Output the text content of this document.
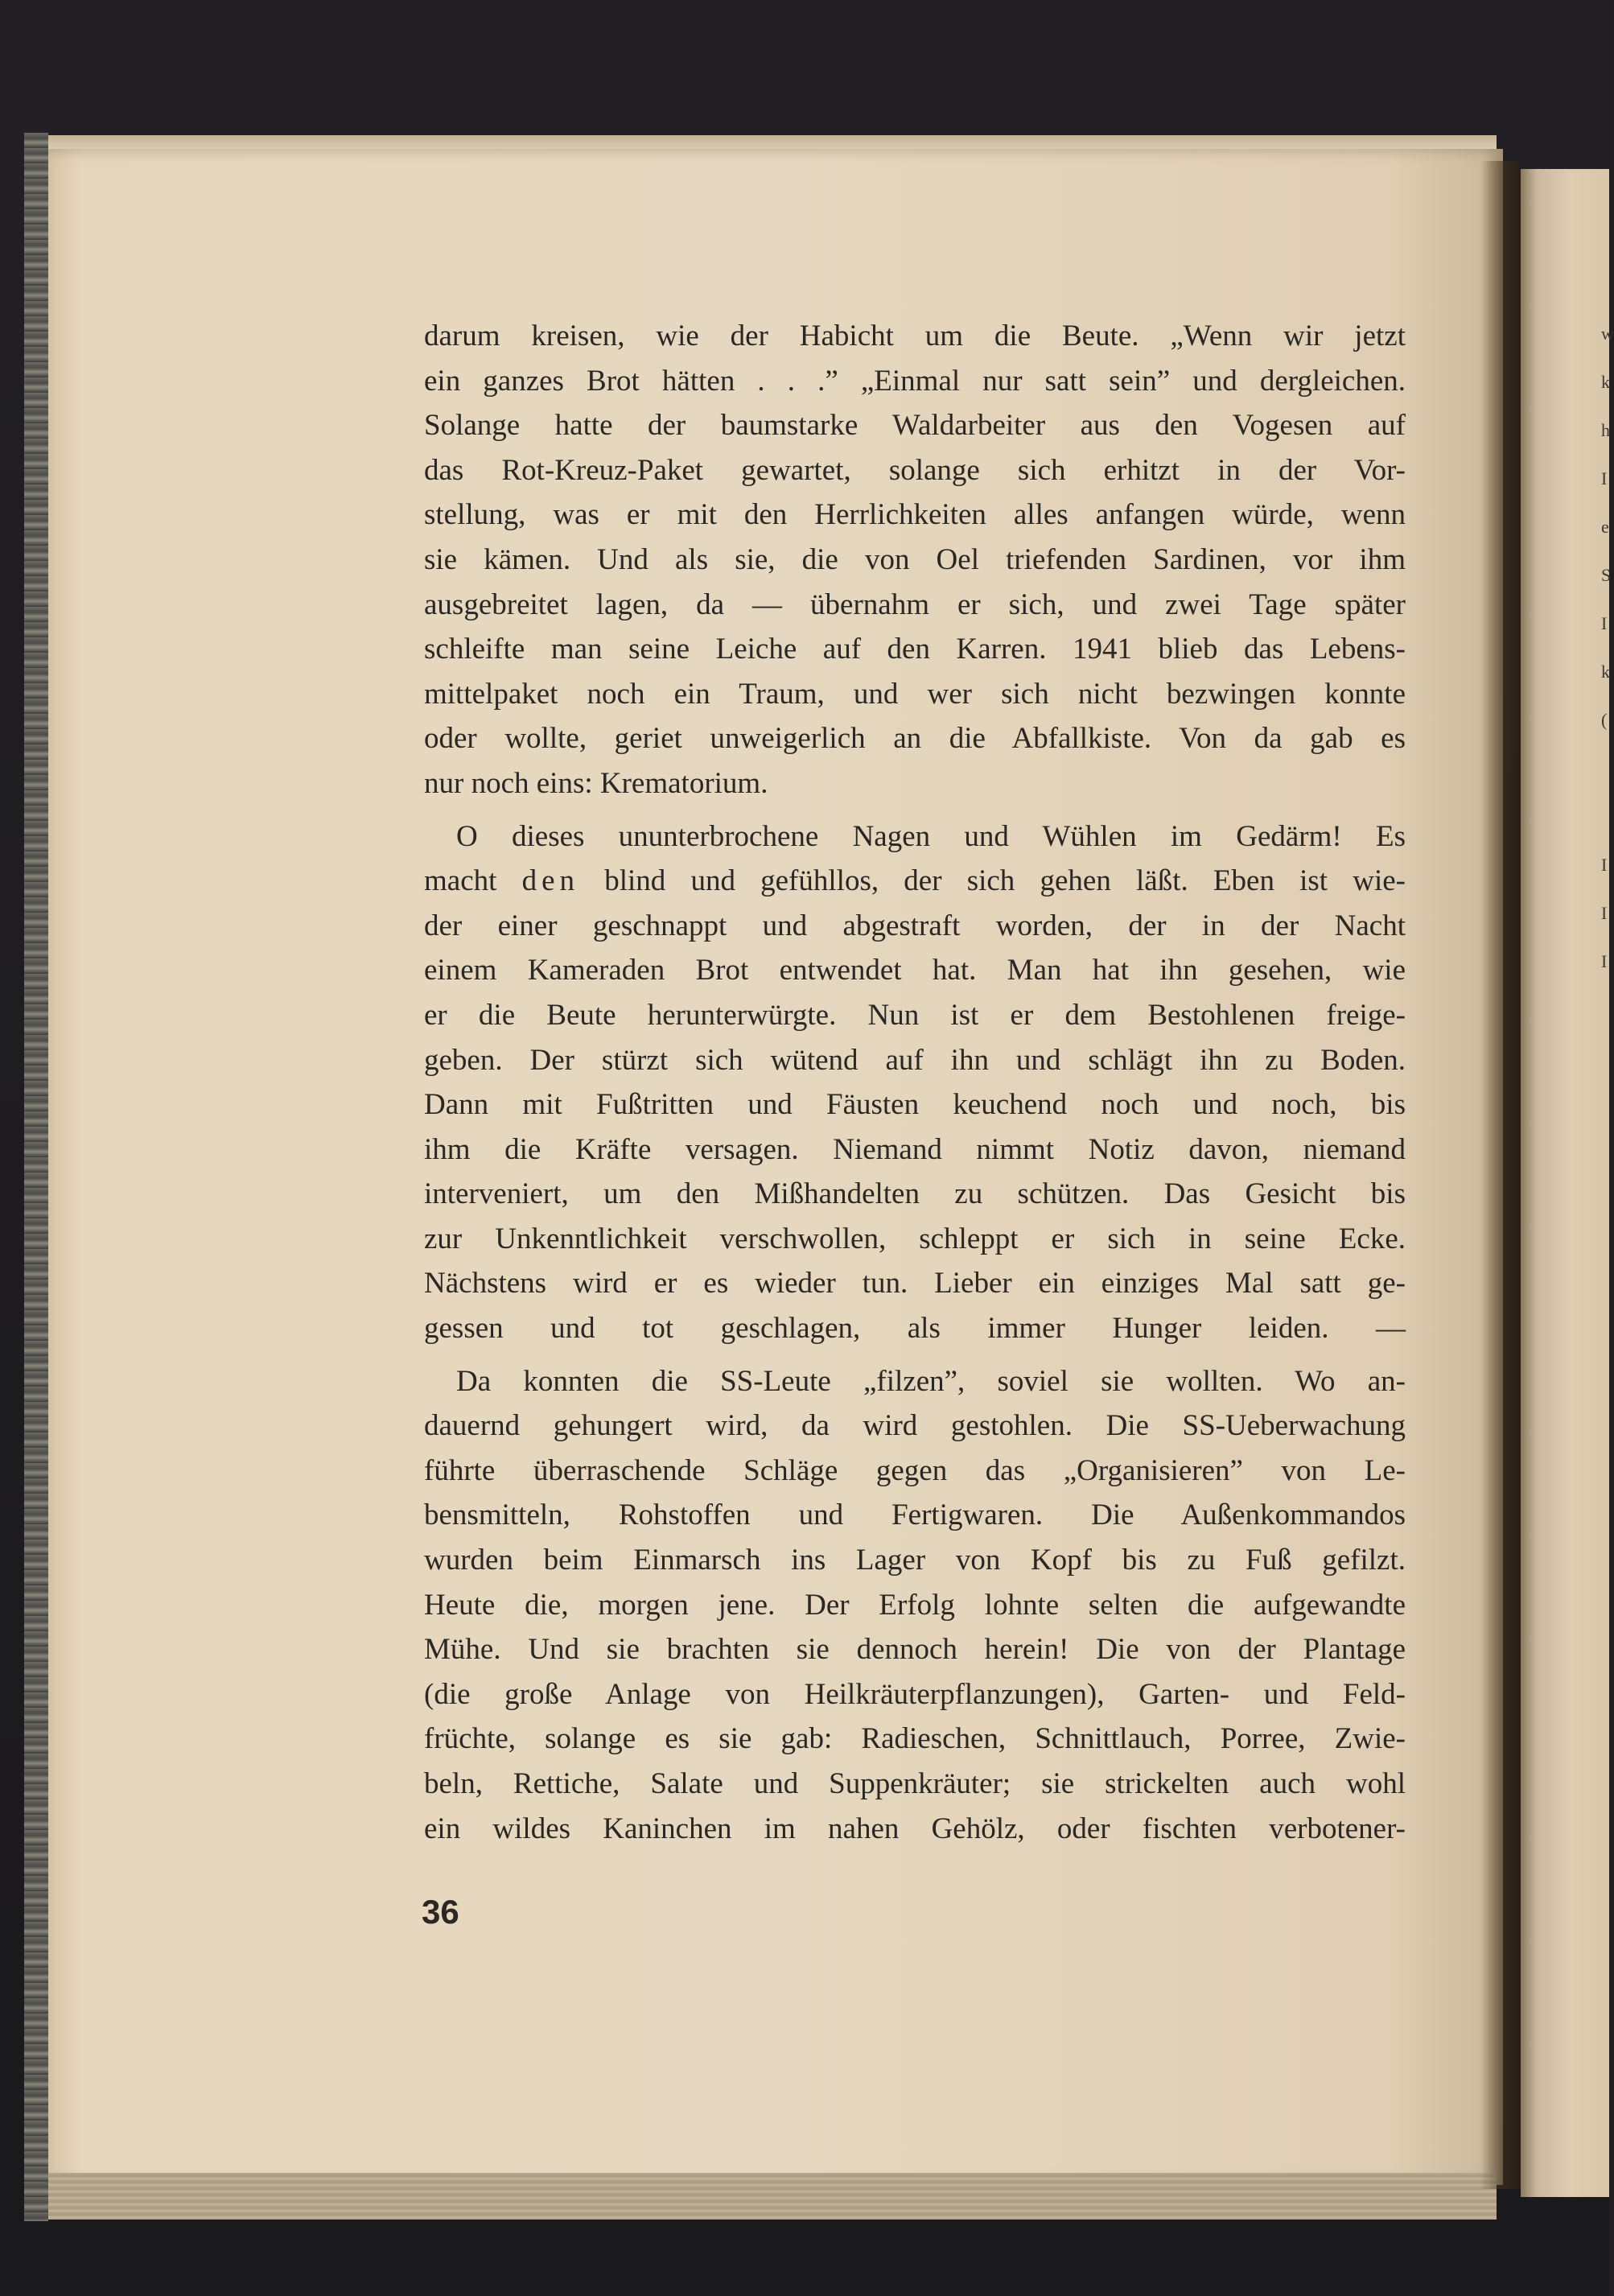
w
k
h
I
e
S
I
k
(
I
I
I

darum kreisen, wie der Habicht um die Beute. „Wenn wir jetzt
ein ganzes Brot hätten . . .” „Einmal nur satt sein” und dergleichen.
Solange hatte der baumstarke Waldarbeiter aus den Vogesen auf
das Rot-Kreuz-Paket gewartet, solange sich erhitzt in der Vor-
stellung, was er mit den Herrlichkeiten alles anfangen würde, wenn
sie kämen. Und als sie, die von Oel triefenden Sardinen, vor ihm
ausgebreitet lagen, da — übernahm er sich, und zwei Tage später
schleifte man seine Leiche auf den Karren. 1941 blieb das Lebens-
mittelpaket noch ein Traum, und wer sich nicht bezwingen konnte
oder wollte, geriet unweigerlich an die Abfallkiste. Von da gab es
nur noch eins: Krematorium.

O dieses ununterbrochene Nagen und Wühlen im Gedärm! Es
macht den blind und gefühllos, der sich gehen läßt. Eben ist wie-
der einer geschnappt und abgestraft worden, der in der Nacht
einem Kameraden Brot entwendet hat. Man hat ihn gesehen, wie
er die Beute herunterwürgte. Nun ist er dem Bestohlenen freige-
geben. Der stürzt sich wütend auf ihn und schlägt ihn zu Boden.
Dann mit Fußtritten und Fäusten keuchend noch und noch, bis
ihm die Kräfte versagen. Niemand nimmt Notiz davon, niemand
interveniert, um den Mißhandelten zu schützen. Das Gesicht bis
zur Unkenntlichkeit verschwollen, schleppt er sich in seine Ecke.
Nächstens wird er es wieder tun. Lieber ein einziges Mal satt ge-
gessen und tot geschlagen, als immer Hunger leiden. —

Da konnten die SS-Leute „filzen”, soviel sie wollten. Wo an-
dauernd gehungert wird, da wird gestohlen. Die SS-Ueberwachung
führte überraschende Schläge gegen das „Organisieren” von Le-
bensmitteln, Rohstoffen und Fertigwaren. Die Außenkommandos
wurden beim Einmarsch ins Lager von Kopf bis zu Fuß gefilzt.
Heute die, morgen jene. Der Erfolg lohnte selten die aufgewandte
Mühe. Und sie brachten sie dennoch herein! Die von der Plantage
(die große Anlage von Heilkräuterpflanzungen), Garten- und Feld-
früchte, solange es sie gab: Radieschen, Schnittlauch, Porree, Zwie-
beln, Rettiche, Salate und Suppenkräuter; sie strickelten auch wohl
ein wildes Kaninchen im nahen Gehölz, oder fischten verbotener-

36
